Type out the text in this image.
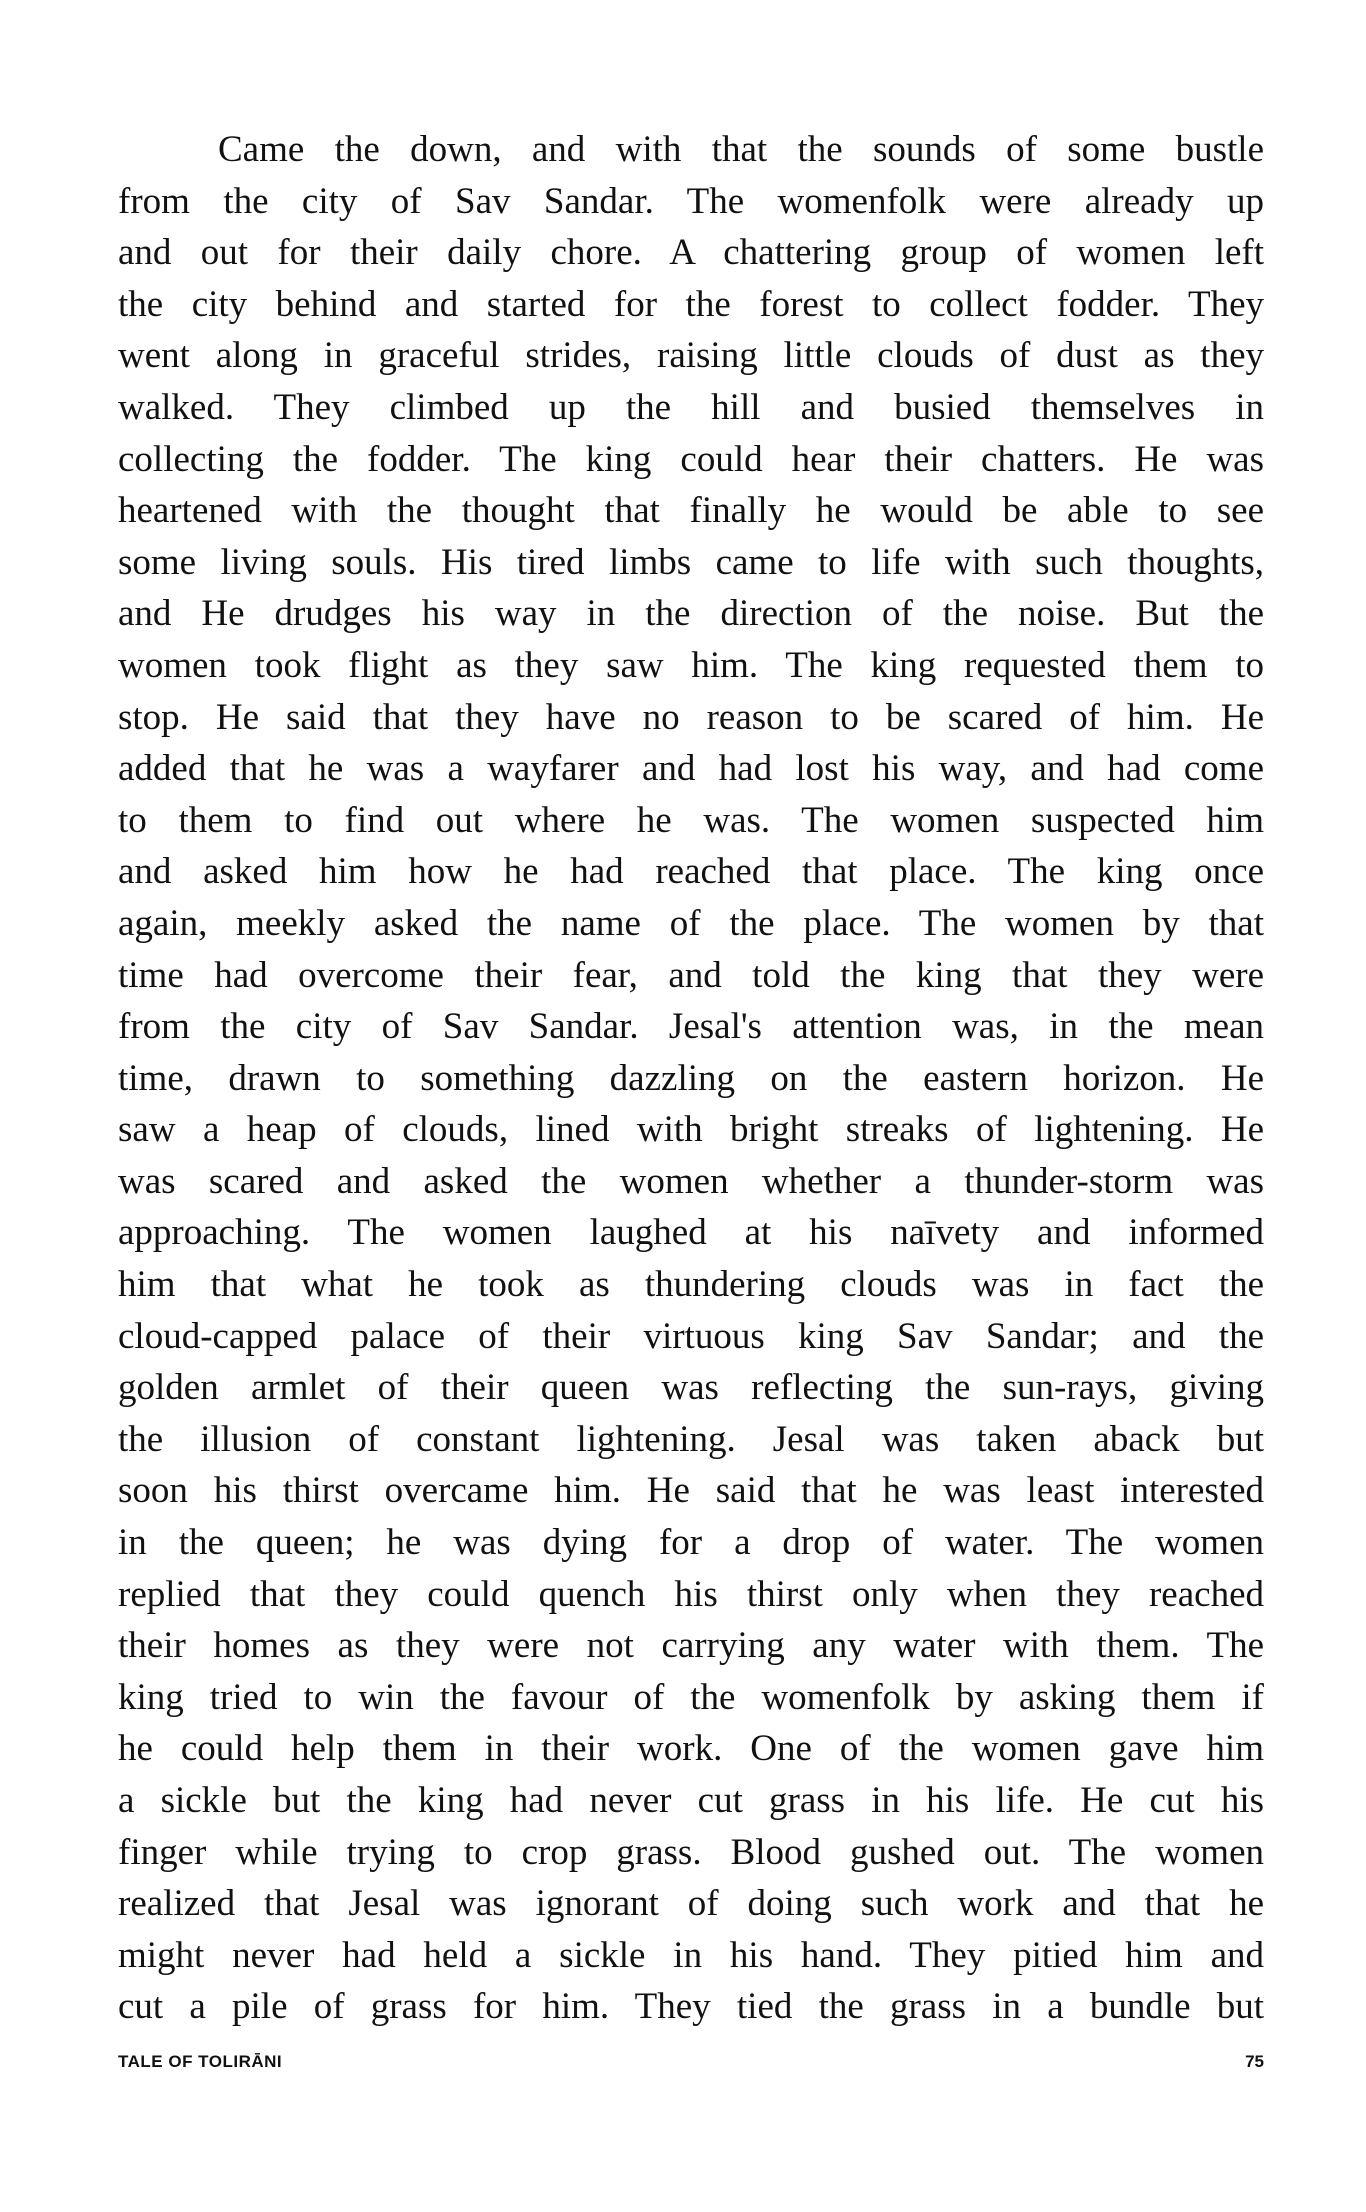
Came the down, and with that the sounds of some bustle
from the city of Sav Sandar. The womenfolk were already up
and out for their daily chore. A chattering group of women left
the city behind and started for the forest to collect fodder. They
went along in graceful strides, raising little clouds of dust as they
walked. They climbed up the hill and busied themselves in
collecting the fodder. The king could hear their chatters. He was
heartened with the thought that finally he would be able to see
some living souls. His tired limbs came to life with such thoughts,
and He drudges his way in the direction of the noise. But the
women took flight as they saw him. The king requested them to
stop. He said that they have no reason to be scared of him. He
added that he was a wayfarer and had lost his way, and had come
to them to find out where he was. The women suspected him
and asked him how he had reached that place. The king once
again, meekly asked the name of the place. The women by that
time had overcome their fear, and told the king that they were
from the city of Sav Sandar. Jesal's attention was, in the mean
time, drawn to something dazzling on the eastern horizon. He
saw a heap of clouds, lined with bright streaks of lightening. He
was scared and asked the women whether a thunder-storm was
approaching. The women laughed at his naīvety and informed
him that what he took as thundering clouds was in fact the
cloud-capped palace of their virtuous king Sav Sandar; and the
golden armlet of their queen was reflecting the sun-rays, giving
the illusion of constant lightening. Jesal was taken aback but
soon his thirst overcame him. He said that he was least interested
in the queen; he was dying for a drop of water. The women
replied that they could quench his thirst only when they reached
their homes as they were not carrying any water with them. The
king tried to win the favour of the womenfolk by asking them if
he could help them in their work. One of the women gave him
a sickle but the king had never cut grass in his life. He cut his
finger while trying to crop grass. Blood gushed out. The women
realized that Jesal was ignorant of doing such work and that he
might never had held a sickle in his hand. They pitied him and
cut a pile of grass for him. They tied the grass in a bundle but
TALE OF TOLIRĀNI	75
